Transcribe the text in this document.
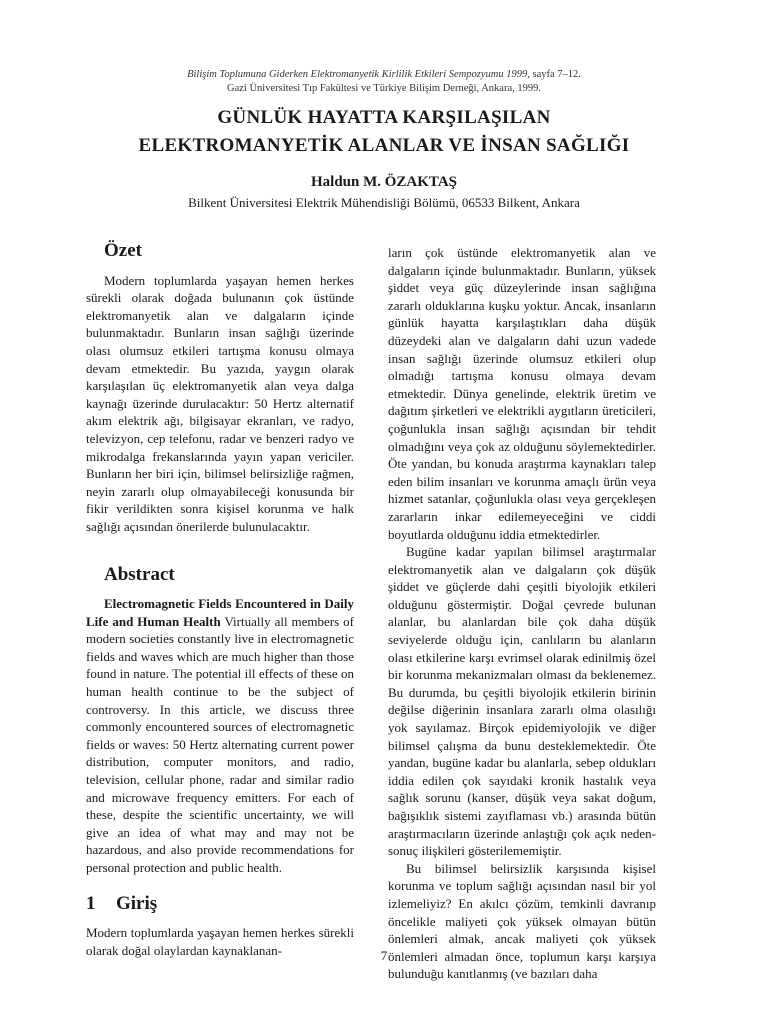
Bilişim Toplumuna Giderken Elektromanyetik Kirlilik Etkileri Sempozyumu 1999, sayfa 7–12.
Gazi Üniversitesi Tıp Fakültesi ve Türkiye Bilişim Derneği, Ankara, 1999.
GÜNLÜK HAYATTA KARŞILAŞILAN
ELEKTROMANYETİK ALANLAR VE İNSAN SAĞLIĞI
Haldun M. ÖZAKTAŞ
Bilkent Üniversitesi Elektrik Mühendisliği Bölümü, 06533 Bilkent, Ankara
Özet

Modern toplumlarda yaşayan hemen herkes sürekli olarak doğada bulunanın çok üstünde elektromanyetik alan ve dalgaların içinde bulunmaktadır. Bunların insan sağlığı üzerinde olası olumsuz etkileri tartışma konusu olmaya devam etmektedir. Bu yazıda, yaygın olarak karşılaşılan üç elektromanyetik alan veya dalga kaynağı üzerinde durulacaktır: 50 Hertz alternatif akım elektrik ağı, bilgisayar ekranları, ve radyo, televizyon, cep telefonu, radar ve benzeri radyo ve mikrodalga frekanslarında yayın yapan vericiler. Bunların her biri için, bilimsel belirsizliğe rağmen, neyin zararlı olup olmayabileceği konusunda bir fikir verildikten sonra kişisel korunma ve halk sağlığı açısından önerilerde bulunulacaktır.

Abstract

Electromagnetic Fields Encountered in Daily Life and Human Health Virtually all members of modern societies constantly live in electromagnetic fields and waves which are much higher than those found in nature. The potential ill effects of these on human health continue to be the subject of controversy. In this article, we discuss three commonly encountered sources of electromagnetic fields or waves: 50 Hertz alternating current power distribution, computer monitors, and radio, television, cellular phone, radar and similar radio and microwave frequency emitters. For each of these, despite the scientific uncertainty, we will give an idea of what may and may not be hazardous, and also provide recommendations for personal protection and public health.

1 Giriş

Modern toplumlarda yaşayan hemen herkes sürekli olarak doğal olaylardan kaynaklanan-

ların çok üstünde elektromanyetik alan ve dalgaların içinde bulunmaktadır. Bunların, yüksek şiddet veya güç düzeylerinde insan sağlığına zararlı olduklarına kuşku yoktur. Ancak, insanların günlük hayatta karşılaştıkları daha düşük düzeydeki alan ve dalgaların dahi uzun vadede insan sağlığı üzerinde olumsuz etkileri olup olmadığı tartışma konusu olmaya devam etmektedir. Dünya genelinde, elektrik üretim ve dağıtım şirketleri ve elektrikli aygıtların üreticileri, çoğunlukla insan sağlığı açısından bir tehdit olmadığını veya çok az olduğunu söylemektedirler. Öte yandan, bu konuda araştırma kaynakları talep eden bilim insanları ve korunma amaçlı ürün veya hizmet satanlar, çoğunlukla olası veya gerçekleşen zararların inkar edilemeyeceğini ve ciddi boyutlarda olduğunu iddia etmektedirler.

Bugüne kadar yapılan bilimsel araştırmalar elektromanyetik alan ve dalgaların çok düşük şiddet ve güçlerde dahi çeşitli biyolojik etkileri olduğunu göstermiştir. Doğal çevrede bulunan alanlar, bu alanlardan bile çok daha düşük seviyelerde olduğu için, canlıların bu alanların olası etkilerine karşı evrimsel olarak edinilmiş özel bir korunma mekanizmaları olması da beklenemez. Bu durumda, bu çeşitli biyolojik etkilerin birinin değilse diğerinin insanlara zararlı olma olasılığı yok sayılamaz. Birçok epidemiyolojik ve diğer bilimsel çalışma da bunu desteklemektedir. Öte yandan, bugüne kadar bu alanlarla, sebep oldukları iddia edilen çok sayıdaki kronik hastalık veya sağlık sorunu (kanser, düşük veya sakat doğum, bağışıklık sistemi zayıflaması vb.) arasında bütün araştırmacıların üzerinde anlaştığı çok açık neden-sonuç ilişkileri gösterilememiştir.

Bu bilimsel belirsizlik karşısında kişisel korunma ve toplum sağlığı açısından nasıl bir yol izlemeliyiz? En akılcı çözüm, temkinli davranıp öncelikle maliyeti çok yüksek olmayan bütün önlemleri almak, ancak maliyeti çok yüksek önlemleri almadan önce, toplumun karşı karşıya bulunduğu kanıtlanmış (ve bazıları daha

7
